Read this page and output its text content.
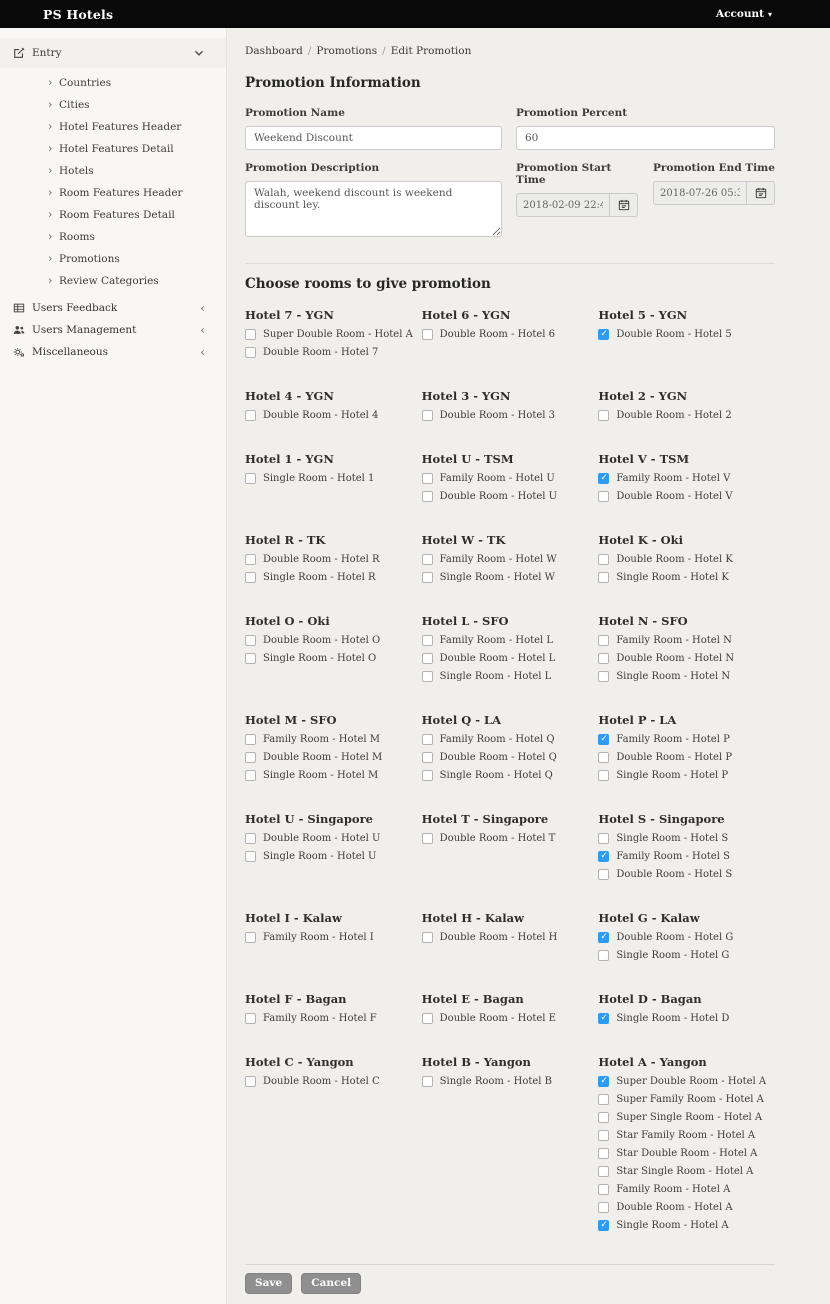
PS Hotels	Account ▾
Entry
› Countries
› Cities
› Hotel Features Header
› Hotel Features Detail
› Hotels
› Room Features Header
› Room Features Detail
› Rooms
› Promotions
› Review Categories
Users Feedback	‹
Users Management	‹
Miscellaneous	‹
Dashboard / Promotions / Edit Promotion
Promotion Information
Promotion Name
Weekend Discount
Promotion Description
Walah, weekend discount is weekend discount ley.
Promotion Percent
60
Promotion Start Time
2018-02-09 22:49:04
Promotion End Time
2018-07-26 05:30:00
Choose rooms to give promotion
Hotel 7 - YGN
Super Double Room - Hotel A
Double Room - Hotel 7
Hotel 6 - YGN
Double Room - Hotel 6
Hotel 5 - YGN
✓
Double Room - Hotel 5
Hotel 4 - YGN
Double Room - Hotel 4
Hotel 3 - YGN
Double Room - Hotel 3
Hotel 2 - YGN
Double Room - Hotel 2
Hotel 1 - YGN
Single Room - Hotel 1
Hotel U - TSM
Family Room - Hotel U
Double Room - Hotel U
Hotel V - TSM
✓
Family Room - Hotel V
Double Room - Hotel V
Hotel R - TK
Double Room - Hotel R
Single Room - Hotel R
Hotel W - TK
Family Room - Hotel W
Single Room - Hotel W
Hotel K - Oki
Double Room - Hotel K
Single Room - Hotel K
Hotel O - Oki
Double Room - Hotel O
Single Room - Hotel O
Hotel L - SFO
Family Room - Hotel L
Double Room - Hotel L
Single Room - Hotel L
Hotel N - SFO
Family Room - Hotel N
Double Room - Hotel N
Single Room - Hotel N
Hotel M - SFO
Family Room - Hotel M
Double Room - Hotel M
Single Room - Hotel M
Hotel Q - LA
Family Room - Hotel Q
Double Room - Hotel Q
Single Room - Hotel Q
Hotel P - LA
✓
Family Room - Hotel P
Double Room - Hotel P
Single Room - Hotel P
Hotel U - Singapore
Double Room - Hotel U
Single Room - Hotel U
Hotel T - Singapore
Double Room - Hotel T
Hotel S - Singapore
Single Room - Hotel S
✓
Family Room - Hotel S
Double Room - Hotel S
Hotel I - Kalaw
Family Room - Hotel I
Hotel H - Kalaw
Double Room - Hotel H
Hotel G - Kalaw
✓
Double Room - Hotel G
Single Room - Hotel G
Hotel F - Bagan
Family Room - Hotel F
Hotel E - Bagan
Double Room - Hotel E
Hotel D - Bagan
✓
Single Room - Hotel D
Hotel C - Yangon
Double Room - Hotel C
Hotel B - Yangon
Single Room - Hotel B
Hotel A - Yangon
✓
Super Double Room - Hotel A
Super Family Room - Hotel A
Super Single Room - Hotel A
Star Family Room - Hotel A
Star Double Room - Hotel A
Star Single Room - Hotel A
Family Room - Hotel A
Double Room - Hotel A
✓
Single Room - Hotel A
Save	Cancel
